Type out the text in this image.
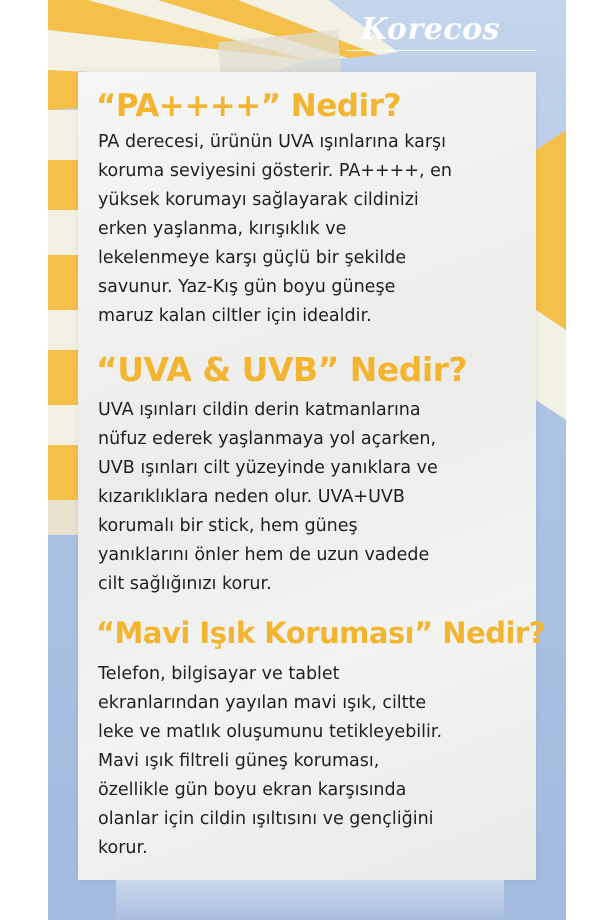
Korecos
“PA++++” Nedir?
PA derecesi, ürünün UVA ışınlarına karşı
koruma seviyesini gösterir. PA++++, en
yüksek korumayı sağlayarak cildinizi
erken yaşlanma, kırışıklık ve
lekelenmeye karşı güçlü bir şekilde
savunur. Yaz-Kış gün boyu güneşe
maruz kalan ciltler için idealdir.
“UVA & UVB” Nedir?
UVA ışınları cildin derin katmanlarına
nüfuz ederek yaşlanmaya yol açarken,
UVB ışınları cilt yüzeyinde yanıklara ve
kızarıklıklara neden olur. UVA+UVB
korumalı bir stick, hem güneş
yanıklarını önler hem de uzun vadede
cilt sağlığınızı korur.
“Mavi Işık Koruması” Nedir?
Telefon, bilgisayar ve tablet
ekranlarından yayılan mavi ışık, ciltte
leke ve matlık oluşumunu tetikleyebilir.
Mavi ışık filtreli güneş koruması,
özellikle gün boyu ekran karşısında
olanlar için cildin ışıltısını ve gençliğini
korur.
